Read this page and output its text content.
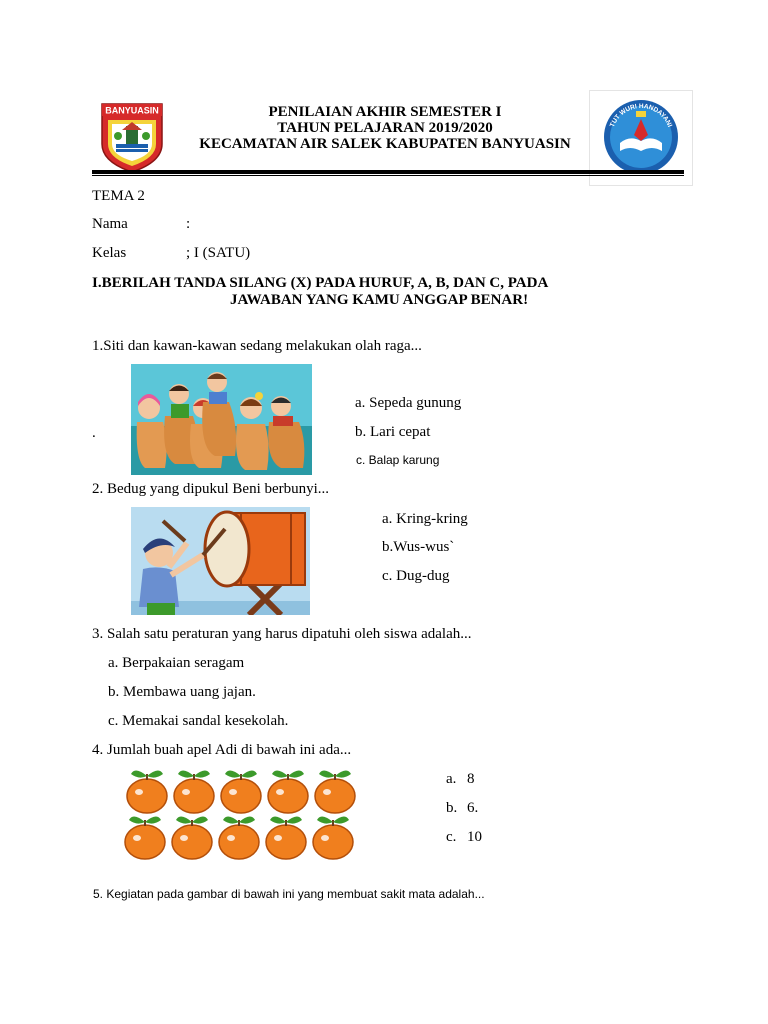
BANYUASIN	PENILAIAN AKHIR SEMESTER I
TAHUN PELAJARAN 2019/2020
KECAMATAN AIR SALEK KABUPATEN BANYUASIN
TUT WURI HANDAYANI
TEMA 2
Nama	:
Kelas	; I (SATU)
I.BERILAH TANDA SILANG (X) PADA HURUF, A, B, DAN C, PADA
JAWABAN YANG KAMU ANGGAP BENAR!
1.Siti dan kawan-kawan sedang melakukan olah raga...
.
a. Sepeda gunung
b. Lari cepat
c. Balap karung
2. Bedug yang dipukul Beni berbunyi...
a. Kring-kring
b.Wus-wus`
c. Dug-dug
3. Salah satu peraturan yang harus dipatuhi oleh siswa adalah...
a. Berpakaian seragam
b. Membawa uang jajan.
c. Memakai sandal kesekolah.
4. Jumlah buah apel Adi di bawah ini ada...
a. 8
b. 6.
c. 10
5. Kegiatan pada gambar di bawah ini yang membuat sakit mata adalah...
